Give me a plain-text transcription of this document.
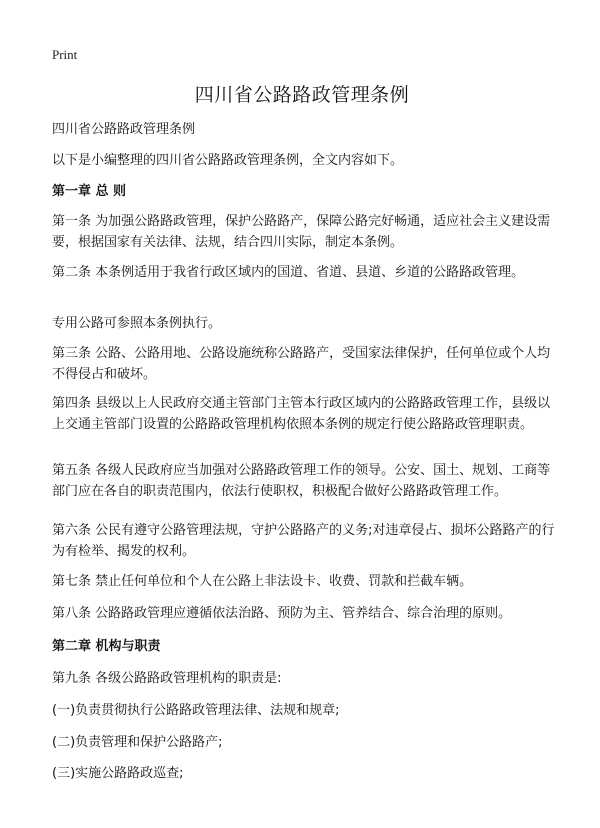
Print
四川省公路路政管理条例

四川省公路路政管理条例

以下是小编整理的四川省公路路政管理条例，全文内容如下。

第一章 总 则

第一条 为加强公路路政管理，保护公路路产，保障公路完好畅通，适应社会主义建设需要，根据国家有关法律、法规，结合四川实际，制定本条例。

第二条 本条例适用于我省行政区域内的国道、省道、县道、乡道的公路路政管理。

专用公路可参照本条例执行。

第三条 公路、公路用地、公路设施统称公路路产，受国家法律保护，任何单位或个人均不得侵占和破坏。

第四条 县级以上人民政府交通主管部门主管本行政区域内的公路路政管理工作，县级以上交通主管部门设置的公路路政管理机构依照本条例的规定行使公路路政管理职责。

第五条 各级人民政府应当加强对公路路政管理工作的领导。公安、国土、规划、工商等部门应在各自的职责范围内，依法行使职权，积极配合做好公路路政管理工作。

第六条 公民有遵守公路管理法规，守护公路路产的义务;对违章侵占、损坏公路路产的行为有检举、揭发的权利。

第七条 禁止任何单位和个人在公路上非法设卡、收费、罚款和拦截车辆。

第八条 公路路政管理应遵循依法治路、预防为主、管养结合、综合治理的原则。

第二章 机构与职责

第九条 各级公路路政管理机构的职责是:

(一)负责贯彻执行公路路政管理法律、法规和规章;

(二)负责管理和保护公路路产;

(三)实施公路路政巡查;
